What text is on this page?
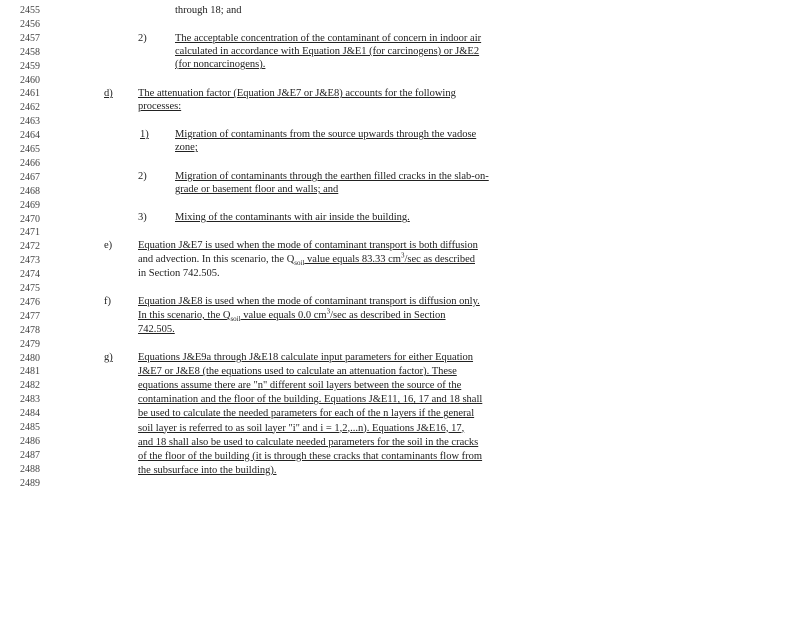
2455
2456
2457
2458
2459
2460
2461
2462
2463
2464
2465
2466
2467
2468
2469
2470
2471
2472
2473
2474
2475
2476
2477
2478
2479
2480
2481
2482
2483
2484
2485
2486
2487
2488
2489
through 18; and
2)	The acceptable concentration of the contaminant of concern in indoor air
calculated in accordance with Equation J&E1 (for carcinogens) or J&E2
(for noncarcinogens).
d) The attenuation factor (Equation J&E7 or J&E8) accounts for the following
processes:
1)	Migration of contaminants from the source upwards through the vadose
zone;
2)	Migration of contaminants through the earthen filled cracks in the slab-on-
grade or basement floor and walls; and
3)	Mixing of the contaminants with air inside the building.
e) Equation J&E7 is used when the mode of contaminant transport is both diffusion
and advection. In this scenario, the $Q_{soil}$ value equals 83.33 $cm^3/\sec$ as described
in Section 742.505.
f)	Equation J&E8 is used when the mode of contaminant transport is diffusion only.
In this scenario, the $Q_{soil}$ value equals 0.0 $cm^3/\sec$ as described in Section
742.505.
g) Equations J&E9a through J&E18 calculate input parameters for either Equation
J&E7 or J&E8 (the equations used to calculate an attenuation factor). These
equations assume there are "n" different soil layers between the source of the
contamination and the floor of the building. Equations J&E11, 16, 17 and 18 shall
be used to calculate the needed parameters for each of the n layers if the general
soil layer is referred to as soil layer "i" and i = 1,2,...n). Equations J&E16, 17,
and 18 shall also be used to calculate needed parameters for the soil in the cracks
of the floor of the building (it is through these cracks that contaminants flow from
the subsurface into the building).
